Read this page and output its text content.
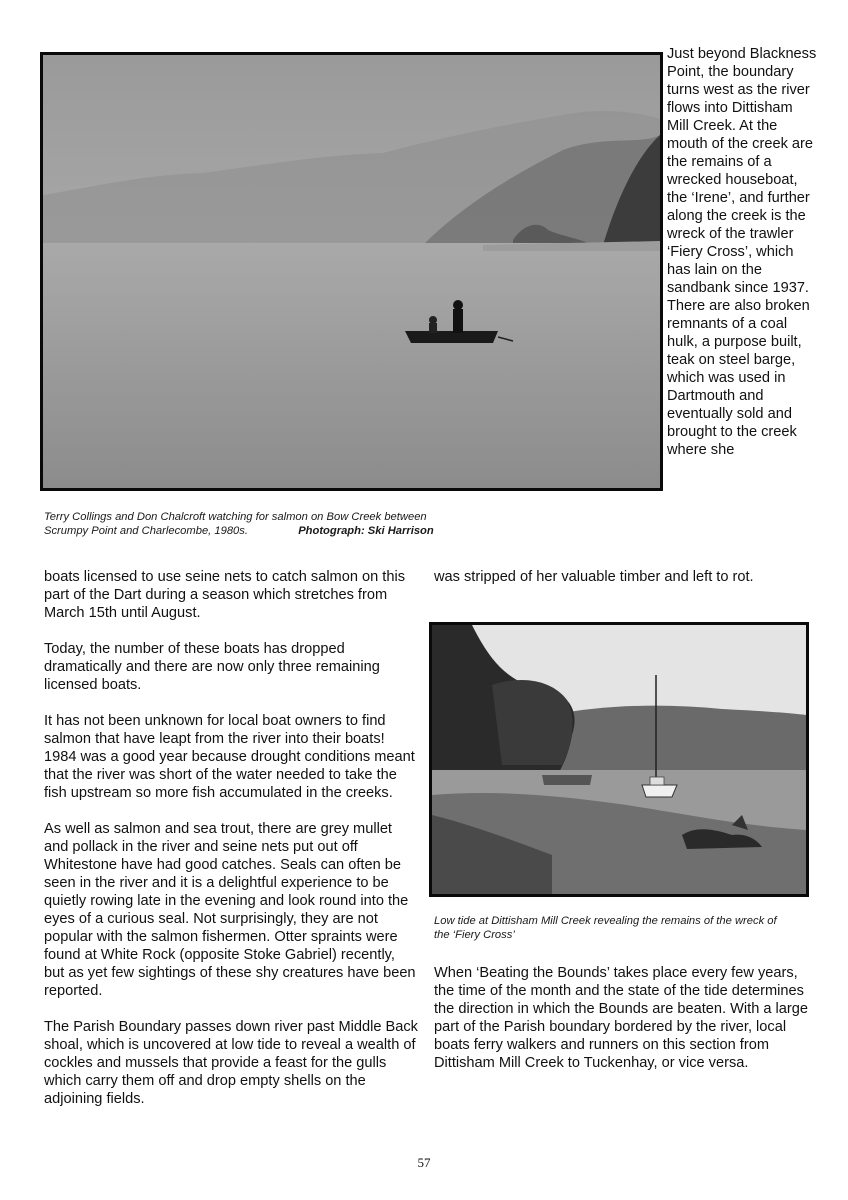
Just beyond Blackness Point, the boundary turns west as the river flows into Dittisham Mill Creek. At the mouth of the creek are the remains of a wrecked houseboat, the ‘Irene’, and further along the creek is the wreck of the trawler ‘Fiery Cross’, which has lain on the sandbank since 1937. There are also broken remnants of a coal hulk, a purpose built, teak on steel barge, which was used in Dartmouth and eventually sold and brought to the creek where she

Terry Collings and Don Chalcroft watching for salmon on Bow Creek between
Scrumpy Point and Charlecombe, 1980s.	Photograph: Ski Harrison

boats licensed to use seine nets to catch salmon on this part of the Dart during a season which stretches from March 15th until August.

Today, the number of these boats has dropped dramatically and there are now only three remaining licensed boats.

It has not been unknown for local boat owners to find salmon that have leapt from the river into their boats! 1984 was a good year because drought conditions meant that the river was short of the water needed to take the fish upstream so more fish accumulated in the creeks.

As well as salmon and sea trout, there are grey mullet and pollack in the river and seine nets put out off Whitestone have had good catches. Seals can often be seen in the river and it is a delightful experience to be quietly rowing late in the evening and look round into the eyes of a curious seal. Not surprisingly, they are not popular with the salmon fishermen. Otter spraints were found at White Rock (opposite Stoke Gabriel) recently, but as yet few sightings of these shy creatures have been reported.

The Parish Boundary passes down river past Middle Back shoal, which is uncovered at low tide to reveal a wealth of cockles and mussels that provide a feast for the gulls which carry them off and drop empty shells on the adjoining fields.

was stripped of her valuable timber and left to rot.

Low tide at Dittisham Mill Creek revealing the remains of the wreck of the ‘Fiery Cross’

When ‘Beating the Bounds’ takes place every few years, the time of the month and the state of the tide determines the direction in which the Bounds are beaten. With a large part of the Parish boundary bordered by the river, local boats ferry walkers and runners on this section from Dittisham Mill Creek to Tuckenhay, or vice versa.

57
